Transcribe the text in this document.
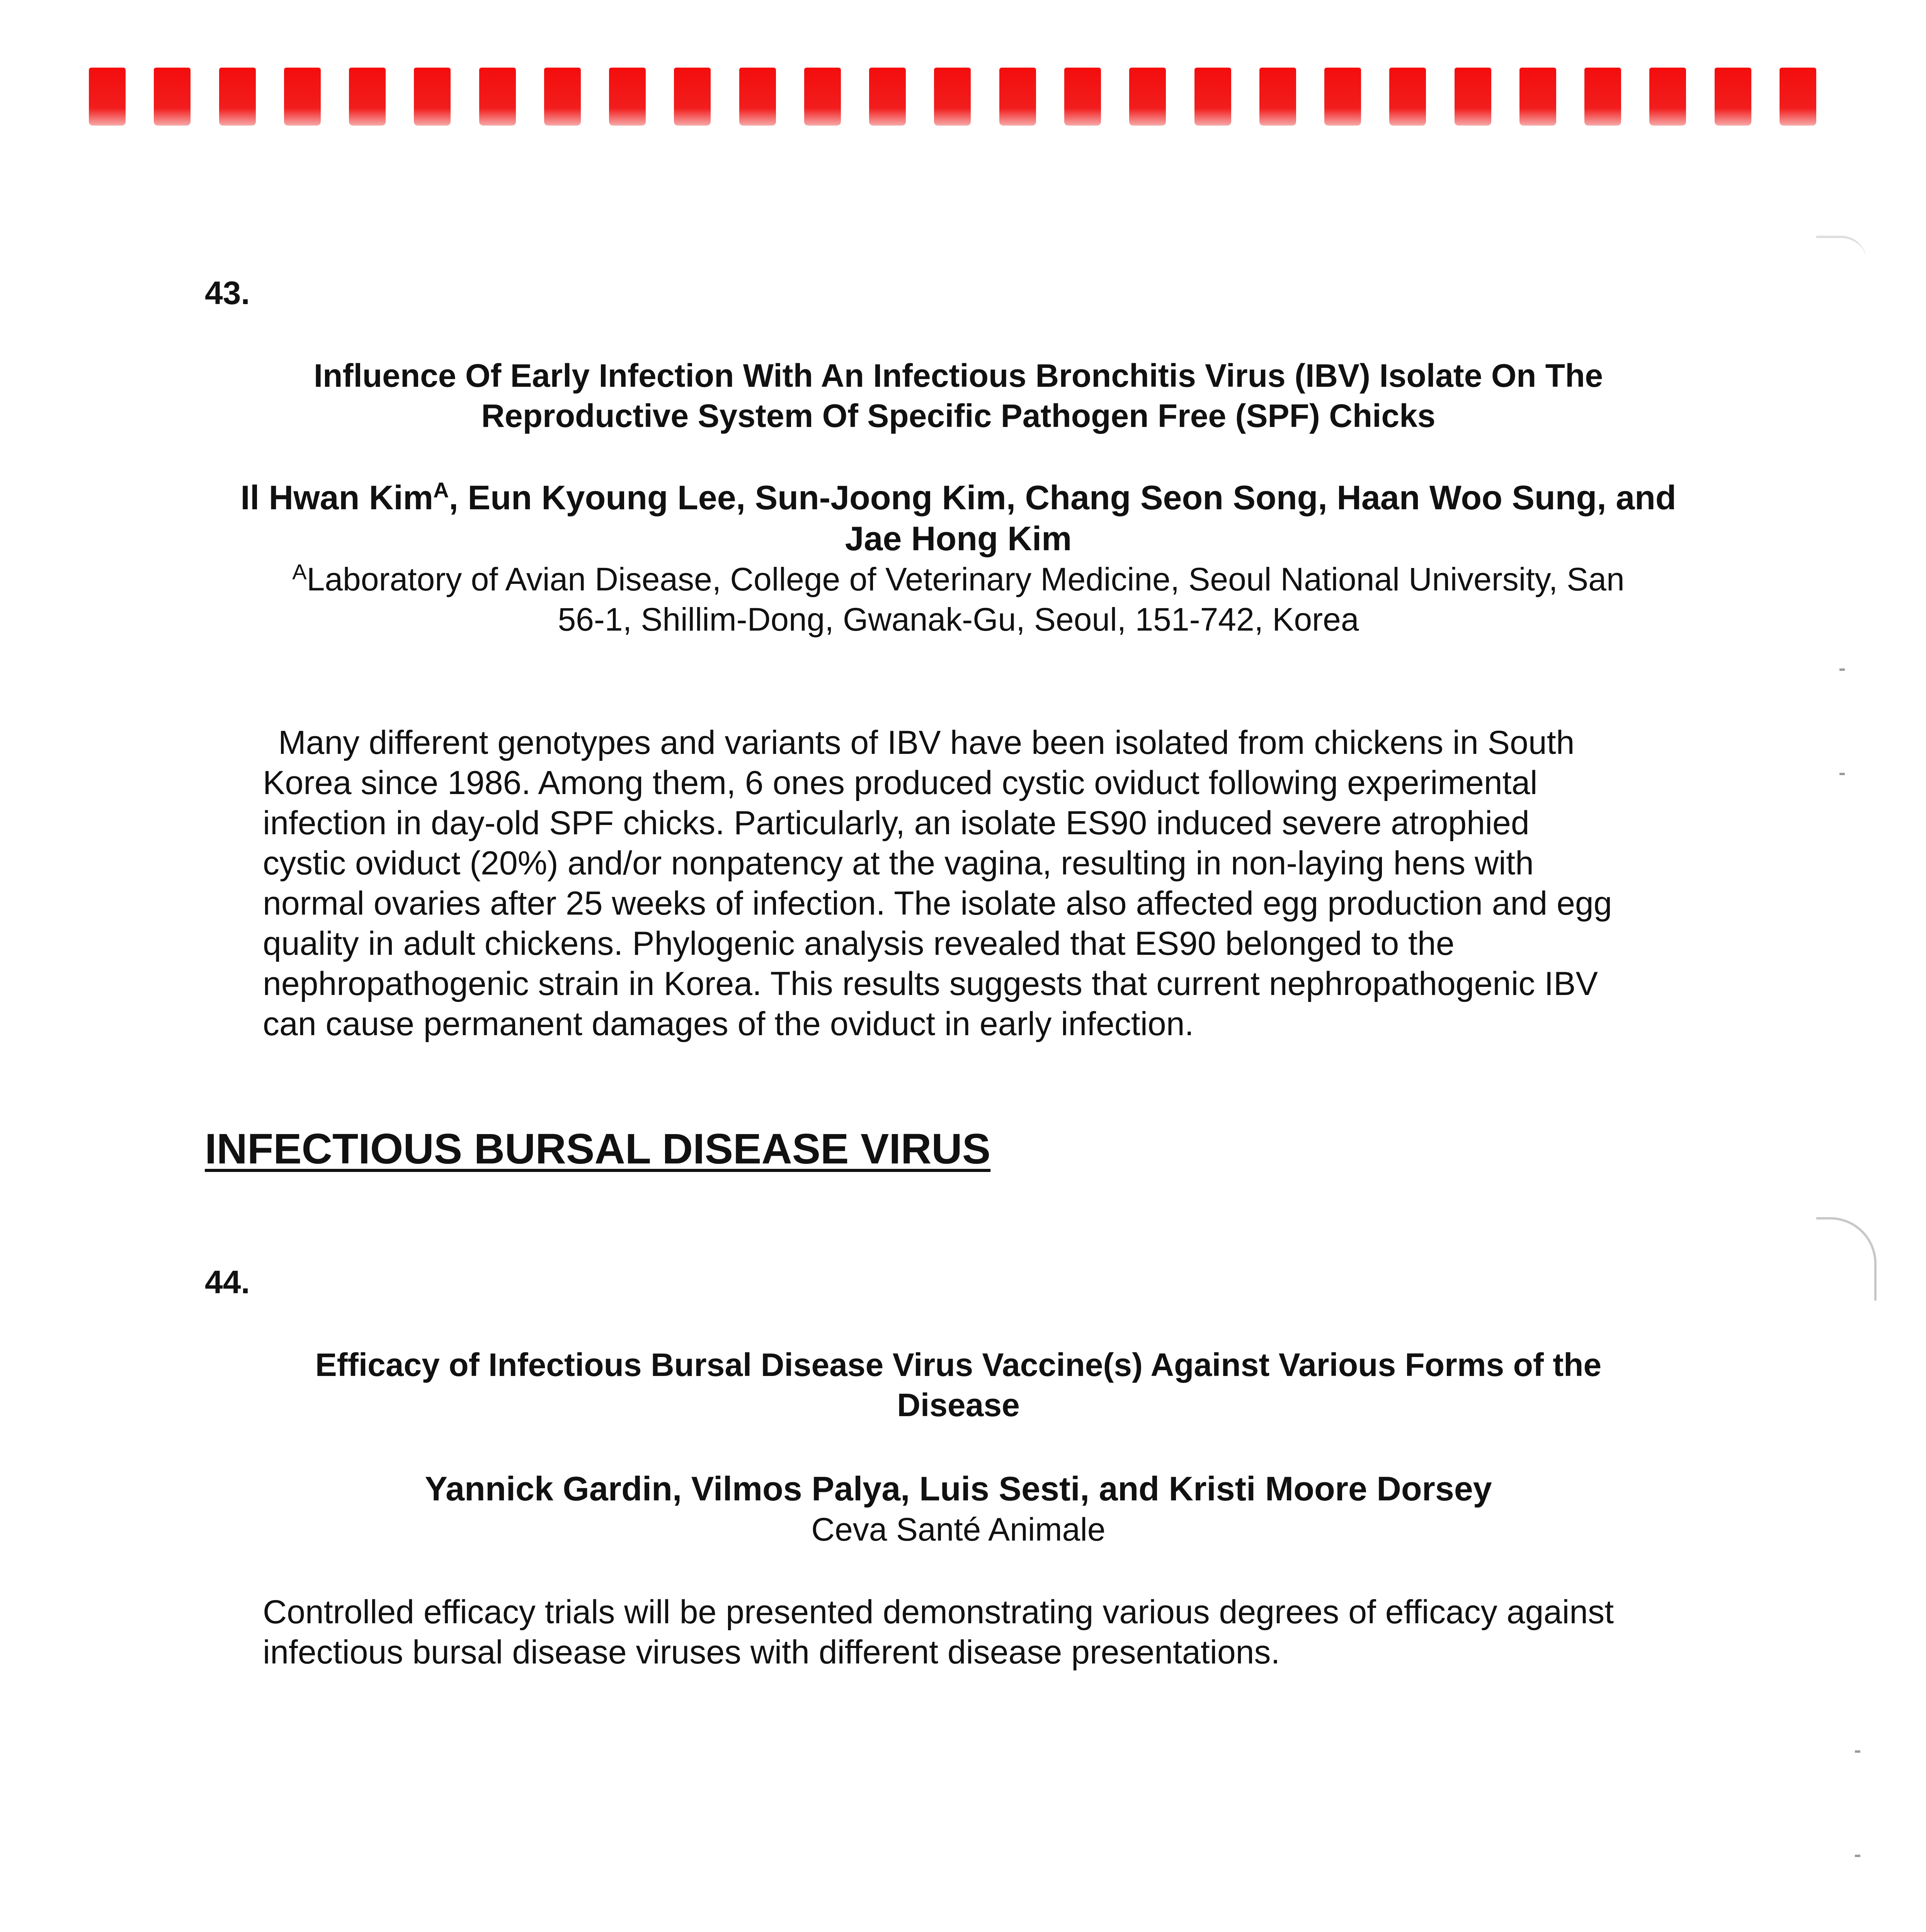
43.
Influence Of Early Infection With An Infectious Bronchitis Virus (IBV) Isolate On The
Reproductive System Of Specific Pathogen Free (SPF) Chicks
Il Hwan Kim$^A$, Eun Kyoung Lee, Sun-Joong Kim, Chang Seon Song, Haan Woo Sung, and
Jae Hong Kim
$^A$Laboratory of Avian Disease, College of Veterinary Medicine, Seoul National University, San
56-1, Shillim-Dong, Gwanak-Gu, Seoul, 151-742, Korea
Many different genotypes and variants of IBV have been isolated from chickens in South
Korea since 1986. Among them, 6 ones produced cystic oviduct following experimental
infection in day-old SPF chicks. Particularly, an isolate ES90 induced severe atrophied
cystic oviduct (20%) and/or nonpatency at the vagina, resulting in non-laying hens with
normal ovaries after 25 weeks of infection. The isolate also affected egg production and egg
quality in adult chickens. Phylogenic analysis revealed that ES90 belonged to the
nephropathogenic strain in Korea. This results suggests that current nephropathogenic IBV
can cause permanent damages of the oviduct in early infection.
INFECTIOUS BURSAL DISEASE VIRUS
44.
Efficacy of Infectious Bursal Disease Virus Vaccine(s) Against Various Forms of the
Disease
Yannick Gardin, Vilmos Palya, Luis Sesti, and Kristi Moore Dorsey
Ceva Santé Animale
Controlled efficacy trials will be presented demonstrating various degrees of efficacy against
infectious bursal disease viruses with different disease presentations.
